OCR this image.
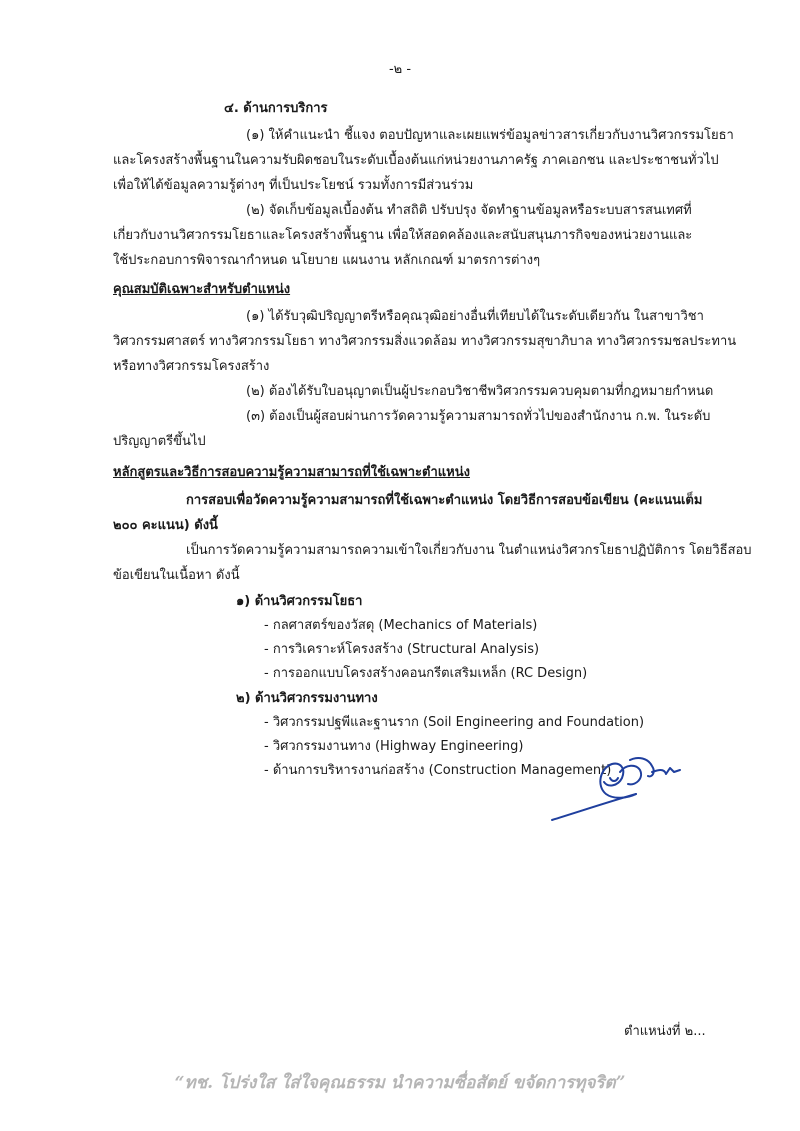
-๒ -
๔. ด้านการบริการ
(๑) ให้คำแนะนำ ชี้แจง ตอบปัญหาและเผยแพร่ข้อมูลข่าวสารเกี่ยวกับงานวิศวกรรมโยธา
และโครงสร้างพื้นฐานในความรับผิดชอบในระดับเบื้องต้นแก่หน่วยงานภาครัฐ ภาคเอกชน และประชาชนทั่วไป
เพื่อให้ได้ข้อมูลความรู้ต่างๆ ที่เป็นประโยชน์ รวมทั้งการมีส่วนร่วม
(๒) จัดเก็บข้อมูลเบื้องต้น ทำสถิติ ปรับปรุง จัดทำฐานข้อมูลหรือระบบสารสนเทศที่
เกี่ยวกับงานวิศวกรรมโยธาและโครงสร้างพื้นฐาน เพื่อให้สอดคล้องและสนับสนุนภารกิจของหน่วยงานและ
ใช้ประกอบการพิจารณากำหนด นโยบาย แผนงาน หลักเกณฑ์ มาตรการต่างๆ
คุณสมบัติเฉพาะสำหรับตำแหน่ง
(๑) ได้รับวุฒิปริญญาตรีหรือคุณวุฒิอย่างอื่นที่เทียบได้ในระดับเดียวกัน ในสาขาวิชา
วิศวกรรมศาสตร์ ทางวิศวกรรมโยธา ทางวิศวกรรมสิ่งแวดล้อม ทางวิศวกรรมสุขาภิบาล ทางวิศวกรรมชลประทาน
หรือทางวิศวกรรมโครงสร้าง
(๒) ต้องได้รับใบอนุญาตเป็นผู้ประกอบวิชาชีพวิศวกรรมควบคุมตามที่กฎหมายกำหนด
(๓) ต้องเป็นผู้สอบผ่านการวัดความรู้ความสามารถทั่วไปของสำนักงาน ก.พ. ในระดับ
ปริญญาตรีขึ้นไป
หลักสูตรและวิธีการสอบความรู้ความสามารถที่ใช้เฉพาะตำแหน่ง
การสอบเพื่อวัดความรู้ความสามารถที่ใช้เฉพาะตำแหน่ง โดยวิธีการสอบข้อเขียน (คะแนนเต็ม
๒๐๐ คะแนน) ดังนี้
เป็นการวัดความรู้ความสามารถความเข้าใจเกี่ยวกับงาน ในตำแหน่งวิศวกรโยธาปฏิบัติการ โดยวิธีสอบ
ข้อเขียนในเนื้อหา ดังนี้
๑) ด้านวิศวกรรมโยธา
- กลศาสตร์ของวัสดุ (Mechanics of Materials)
- การวิเคราะห์โครงสร้าง (Structural Analysis)
- การออกแบบโครงสร้างคอนกรีตเสริมเหล็ก (RC Design)
๒) ด้านวิศวกรรมงานทาง
- วิศวกรรมปฐพีและฐานราก (Soil Engineering and Foundation)
- วิศวกรรมงานทาง (Highway Engineering)
- ด้านการบริหารงานก่อสร้าง (Construction Management)
ตำแหน่งที่ ๒...
“ทช. โปร่งใส ใส่ใจคุณธรรม นำความซื่อสัตย์ ขจัดการทุจริต”
